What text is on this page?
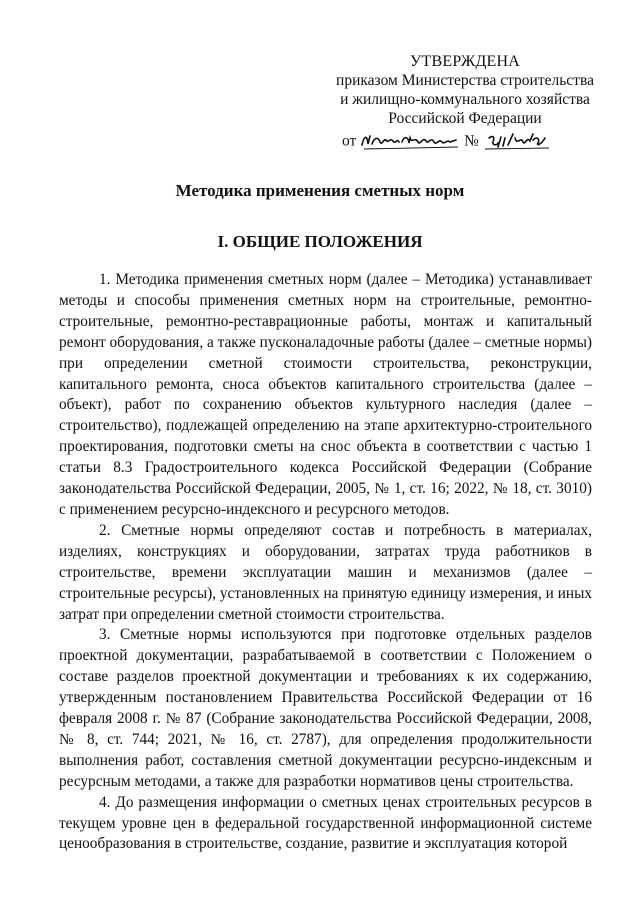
УТВЕРЖДЕНА
приказом Министерства строительства
и жилищно-коммунального хозяйства
Российской Федерации
от	№
Методика применения сметных норм
I. ОБЩИЕ ПОЛОЖЕНИЯ

1. Методика применения сметных норм (далее – Методика) устанавливает методы и способы применения сметных норм на строительные, ремонтно-строительные, ремонтно-реставрационные работы, монтаж и капитальный ремонт оборудования, а также пусконаладочные работы (далее – сметные нормы) при определении сметной стоимости строительства, реконструкции, капитального ремонта, сноса объектов капитального строительства (далее – объект), работ по сохранению объектов культурного наследия (далее – строительство), подлежащей определению на этапе архитектурно-строительного проектирования, подготовки сметы на снос объекта в соответствии с частью 1 статьи 8.3 Градостроительного кодекса Российской Федерации (Собрание законодательства Российской Федерации, 2005, № 1, ст. 16; 2022, № 18, ст. 3010) с применением ресурсно-индексного и ресурсного методов.

2. Сметные нормы определяют состав и потребность в материалах, изделиях, конструкциях и оборудовании, затратах труда работников в строительстве, времени эксплуатации машин и механизмов (далее – строительные ресурсы), установленных на принятую единицу измерения, и иных затрат при определении сметной стоимости строительства.

3. Сметные нормы используются при подготовке отдельных разделов проектной документации, разрабатываемой в соответствии с Положением о составе разделов проектной документации и требованиях к их содержанию, утвержденным постановлением Правительства Российской Федерации от 16 февраля 2008 г. № 87 (Собрание законодательства Российской Федерации, 2008, № 8, ст. 744; 2021, № 16, ст. 2787), для определения продолжительности выполнения работ, составления сметной документации ресурсно-индексным и ресурсным методами, а также для разработки нормативов цены строительства.

4. До размещения информации о сметных ценах строительных ресурсов в текущем уровне цен в федеральной государственной информационной системе ценообразования в строительстве, создание, развитие и эксплуатация которой
